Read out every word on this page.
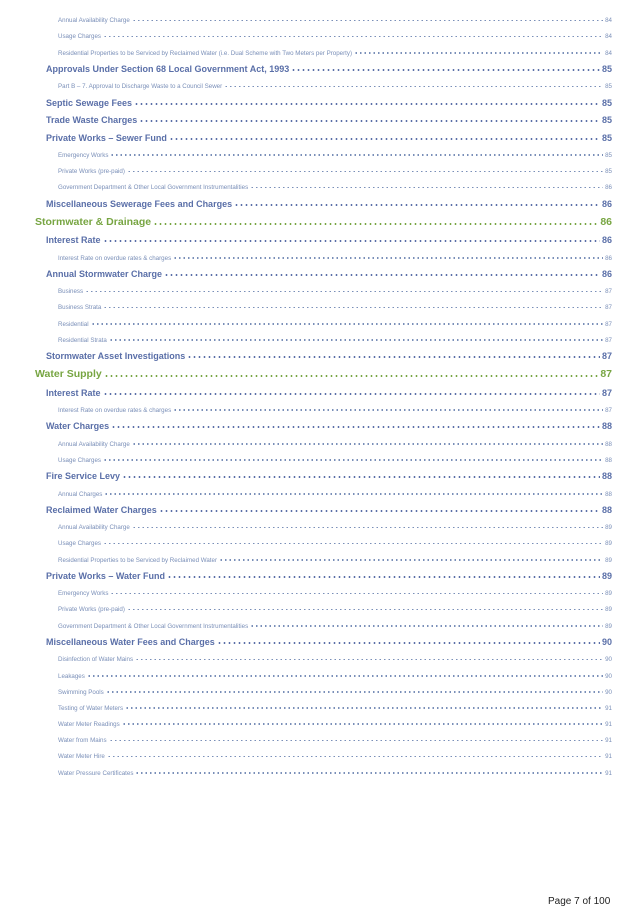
Annual Availability Charge	84
Usage Charges	84
Residential Properties to be Serviced by Reclaimed Water (i.e. Dual Scheme with Two Meters per Property)	84
Approvals Under Section 68 Local Government Act, 1993	85
Part B – 7. Approval to Discharge Waste to a Council Sewer	85
Septic Sewage Fees	85
Trade Waste Charges	85
Private Works – Sewer Fund	85
Emergency Works	85
Private Works (pre-paid)	85
Government Department & Other Local Government Instrumentalities	86
Miscellaneous Sewerage Fees and Charges	86
Stormwater & Drainage	86
Interest Rate	86
Interest Rate on overdue rates & charges	86
Annual Stormwater Charge	86
Business	87
Business Strata	87
Residential	87
Residential Strata	87
Stormwater Asset Investigations	87
Water Supply	87
Interest Rate	87
Interest Rate on overdue rates & charges	87
Water Charges	88
Annual Availability Charge	88
Usage Charges	88
Fire Service Levy	88
Annual Charges	88
Reclaimed Water Charges	88
Annual Availability Charge	89
Usage Charges	89
Residential Properties to be Serviced by Reclaimed Water	89
Private Works – Water Fund	89
Emergency Works	89
Private Works (pre-paid)	89
Government Department & Other Local Government Instrumentalities	89
Miscellaneous Water Fees and Charges	90
Disinfection of Water Mains	90
Leakages	90
Swimming Pools	90
Testing of Water Meters	91
Water Meter Readings	91
Water from Mains	91
Water Meter Hire	91
Water Pressure Certificates	91
Page 7 of 100
